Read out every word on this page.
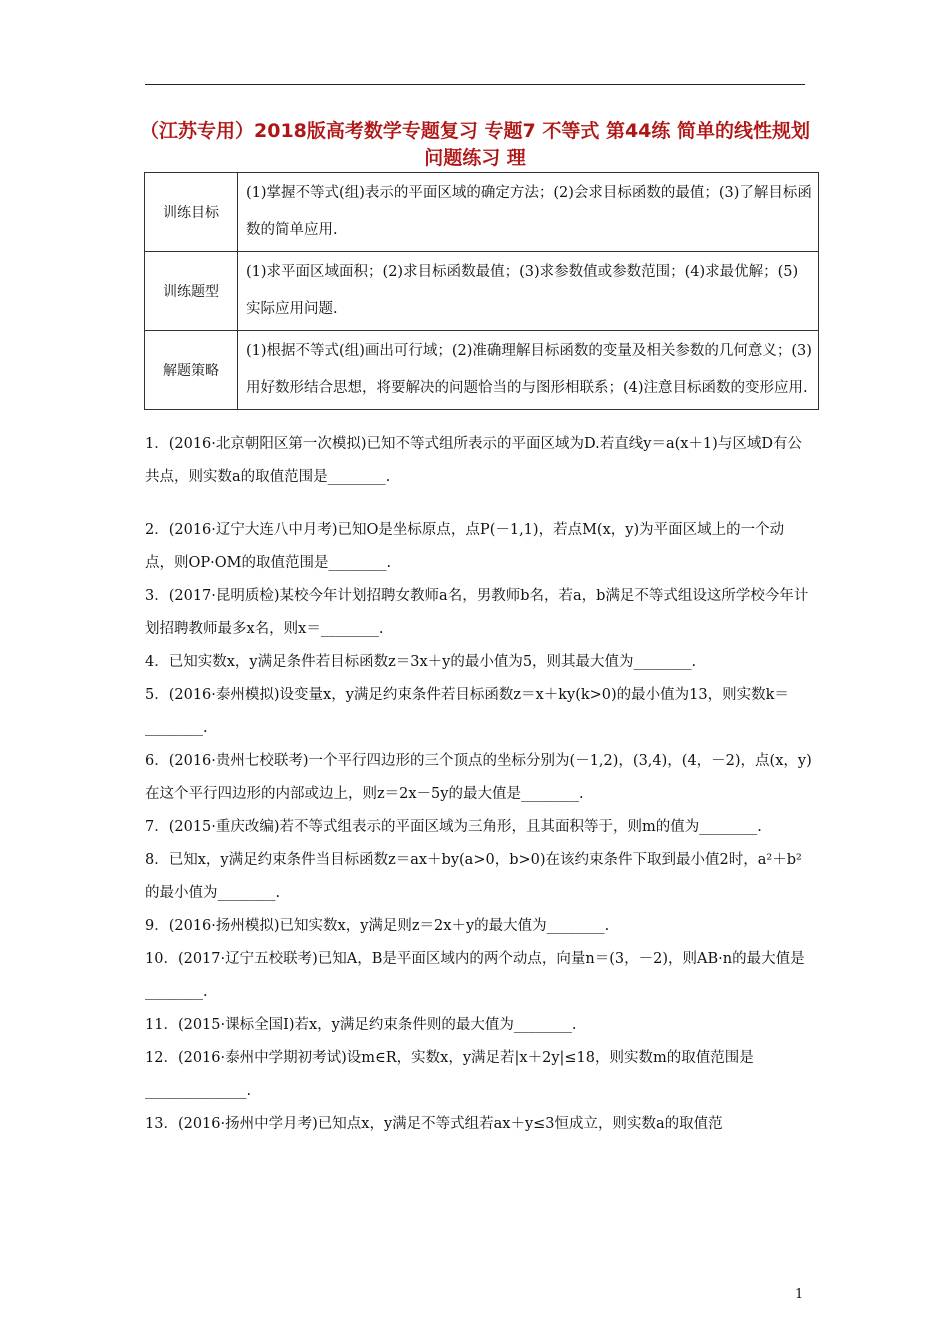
（江苏专用）2018版高考数学专题复习 专题7 不等式 第44练 简单的线性规划问题练习 理
训练目标	(1)掌握不等式(组)表示的平面区域的确定方法；(2)会求目标函数的最值；(3)了解目标函数的简单应用.
训练题型	(1)求平面区域面积；(2)求目标函数最值；(3)求参数值或参数范围；(4)求最优解；(5)实际应用问题.
解题策略	(1)根据不等式(组)画出可行域；(2)准确理解目标函数的变量及相关参数的几何意义；(3)用好数形结合思想，将要解决的问题恰当的与图形相联系；(4)注意目标函数的变形应用.

1．(2016·北京朝阳区第一次模拟)已知不等式组所表示的平面区域为D.若直线y＝a(x＋1)与区域D有公共点，则实数a的取值范围是________.

2．(2016·辽宁大连八中月考)已知O是坐标原点，点P(－1,1)，若点M(x，y)为平面区域上的一个动点，则OP·OM的取值范围是________.

3．(2017·昆明质检)某校今年计划招聘女教师a名，男教师b名，若a，b满足不等式组设这所学校今年计划招聘教师最多x名，则x＝________.

4．已知实数x，y满足条件若目标函数z＝3x＋y的最小值为5，则其最大值为________.

5．(2016·泰州模拟)设变量x，y满足约束条件若目标函数z＝x＋ky(k>0)的最小值为13，则实数k＝________.

6．(2016·贵州七校联考)一个平行四边形的三个顶点的坐标分别为(－1,2)，(3,4)，(4，－2)，点(x，y)在这个平行四边形的内部或边上，则z＝2x－5y的最大值是________.

7．(2015·重庆改编)若不等式组表示的平面区域为三角形，且其面积等于，则m的值为________.

8．已知x，y满足约束条件当目标函数z＝ax＋by(a>0，b>0)在该约束条件下取到最小值2时，a²＋b²的最小值为________.

9．(2016·扬州模拟)已知实数x，y满足则z＝2x＋y的最大值为________.

10．(2017·辽宁五校联考)已知A，B是平面区域内的两个动点，向量n＝(3，－2)，则AB·n的最大值是________.

11．(2015·课标全国Ⅰ)若x，y满足约束条件则的最大值为________.

12．(2016·泰州中学期初考试)设m∈R，实数x，y满足若|x＋2y|≤18，则实数m的取值范围是______________.

13．(2016·扬州中学月考)已知点x，y满足不等式组若ax＋y≤3恒成立，则实数a的取值范

1
